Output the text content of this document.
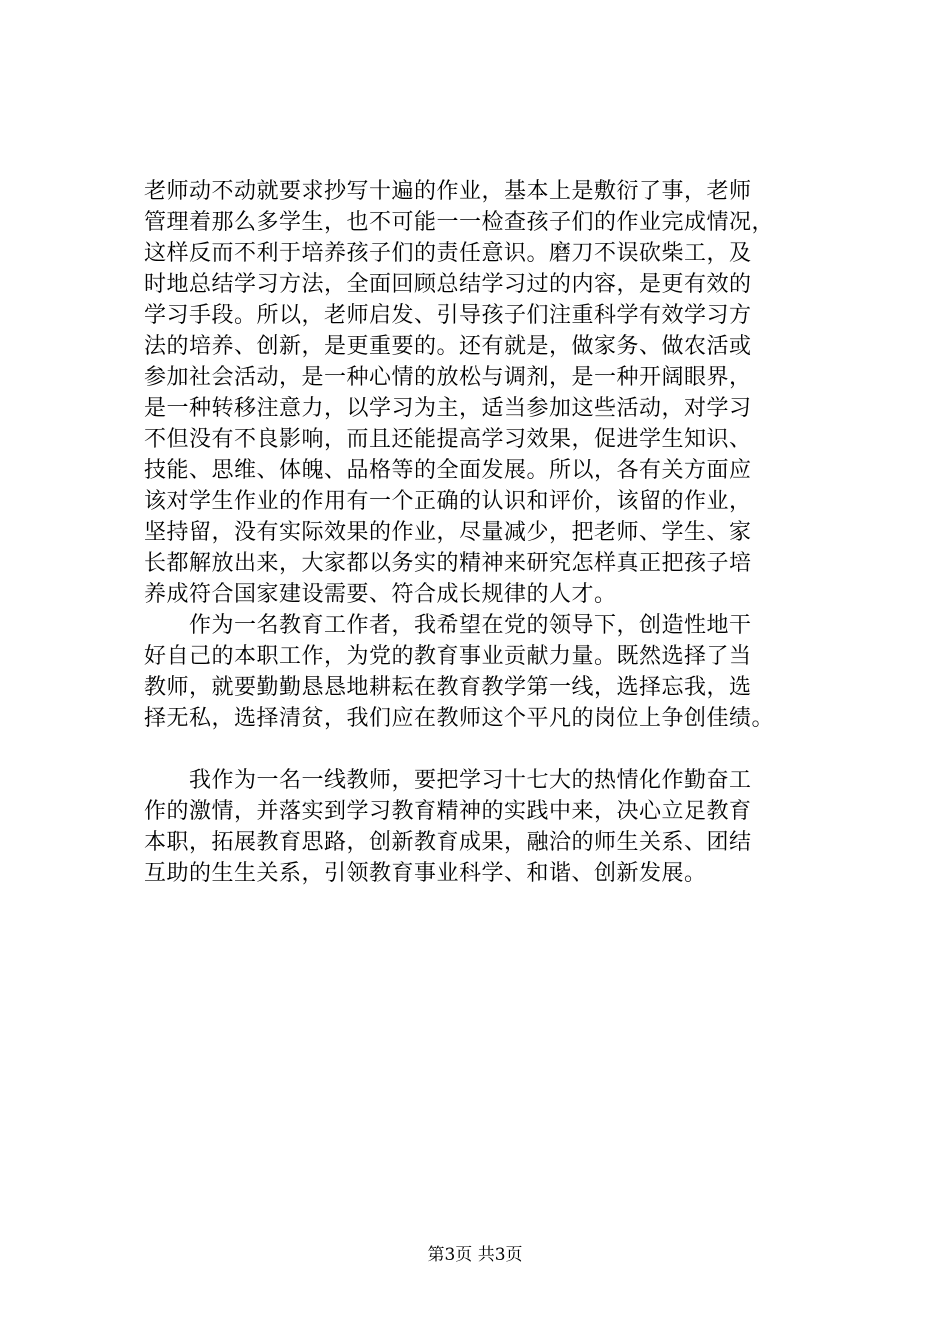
老师动不动就要求抄写十遍的作业，基本上是敷衍了事，老师
管理着那么多学生，也不可能一一检查孩子们的作业完成情况，
这样反而不利于培养孩子们的责任意识。磨刀不误砍柴工，及
时地总结学习方法，全面回顾总结学习过的内容，是更有效的
学习手段。所以，老师启发、引导孩子们注重科学有效学习方
法的培养、创新，是更重要的。还有就是，做家务、做农活或
参加社会活动，是一种心情的放松与调剂，是一种开阔眼界，
是一种转移注意力，以学习为主，适当参加这些活动，对学习
不但没有不良影响，而且还能提高学习效果，促进学生知识、
技能、思维、体魄、品格等的全面发展。所以，各有关方面应
该对学生作业的作用有一个正确的认识和评价，该留的作业，
坚持留，没有实际效果的作业，尽量减少，把老师、学生、家
长都解放出来，大家都以务实的精神来研究怎样真正把孩子培
养成符合国家建设需要、符合成长规律的人才。
　　作为一名教育工作者，我希望在党的领导下，创造性地干
好自己的本职工作，为党的教育事业贡献力量。既然选择了当
教师，就要勤勤恳恳地耕耘在教育教学第一线，选择忘我，选
择无私，选择清贫，我们应在教师这个平凡的岗位上争创佳绩。
　　我作为一名一线教师，要把学习十七大的热情化作勤奋工
作的激情，并落实到学习教育精神的实践中来，决心立足教育
本职，拓展教育思路，创新教育成果，融洽的师生关系、团结
互助的生生关系，引领教育事业科学、和谐、创新发展。
第3页 共3页
